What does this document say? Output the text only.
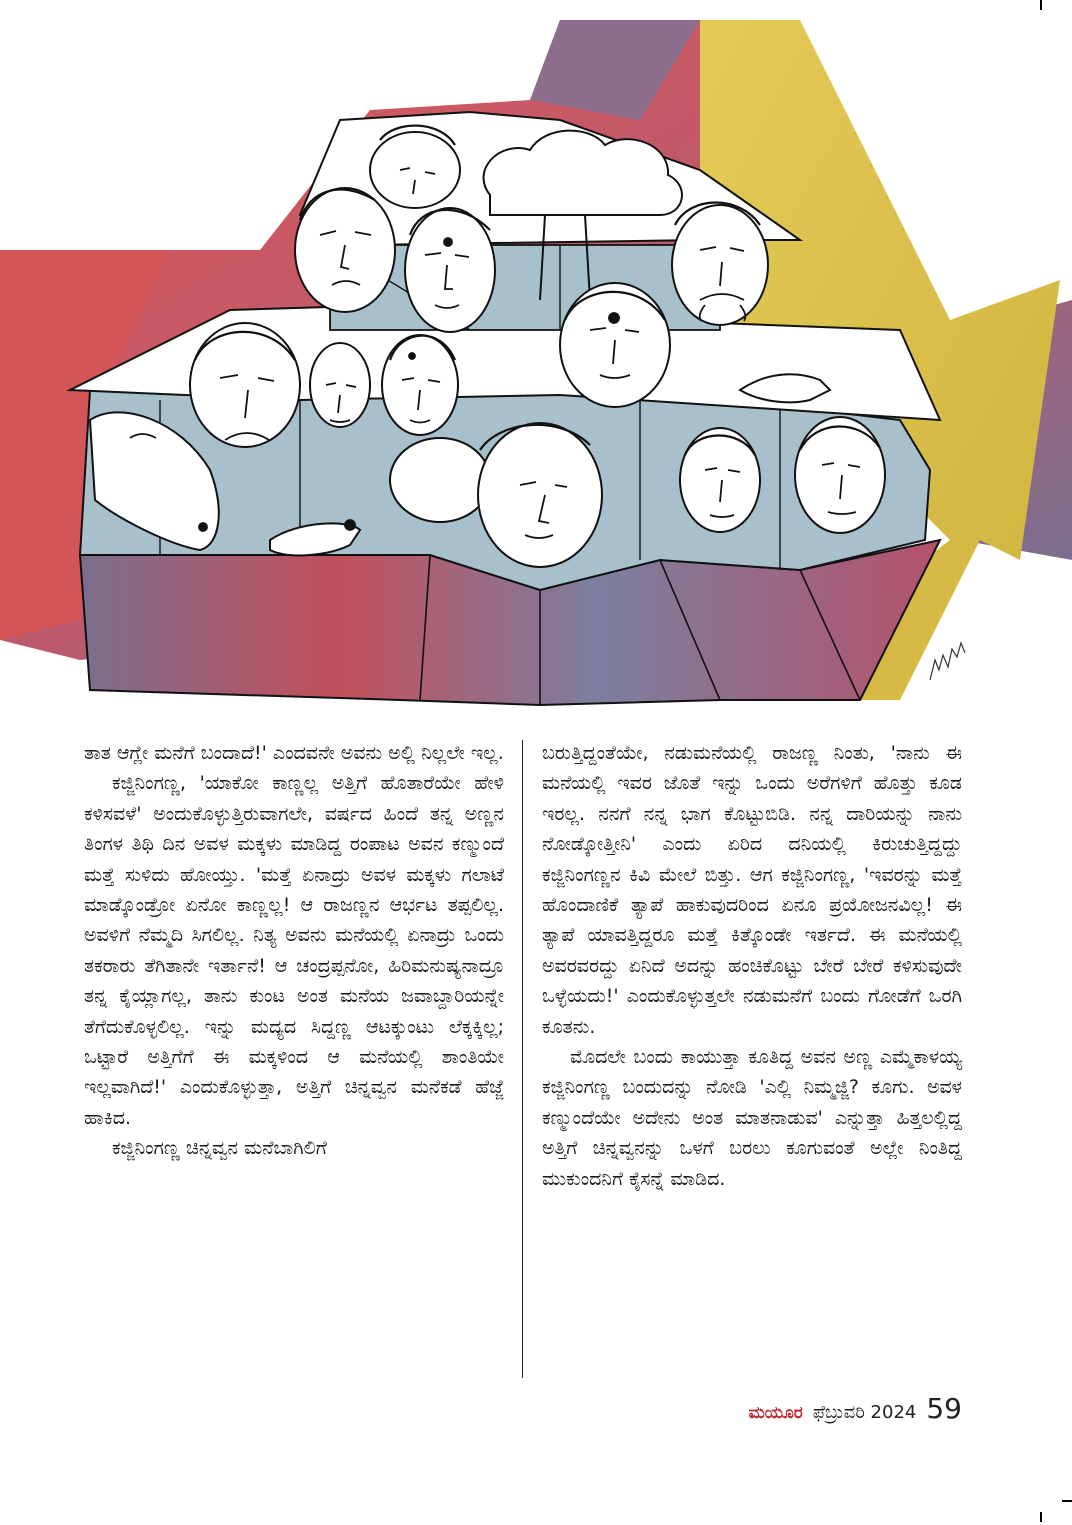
ತಾತ ಆಗ್ಲೇ ಮನೆಗೆ ಬಂದಾದೆ!' ಎಂದವನೇ ಅವನು ಅಲ್ಲಿ ನಿಲ್ಲಲೇ ಇಲ್ಲ.

ಕಜ್ಜಿನಿಂಗಣ್ಣ, 'ಯಾಕೋ ಕಾಣ್ಣಲ್ಲ ಅತ್ತಿಗೆ ಹೊತಾರೆಯೇ ಹೇಳಿ ಕಳಿಸವಳೆ' ಅಂದುಕೊಳ್ಳುತ್ತಿರುವಾಗಲೇ, ವರ್ಷದ ಹಿಂದೆ ತನ್ನ ಅಣ್ಣನ ತಿಂಗಳ ತಿಥಿ ದಿನ ಅವಳ ಮಕ್ಕಳು ಮಾಡಿದ್ದ ರಂಪಾಟ ಅವನ ಕಣ್ಮುಂದೆ ಮತ್ತೆ ಸುಳಿದು ಹೋಯ್ತು. 'ಮತ್ತೆ ಏನಾದ್ರು ಅವಳ ಮಕ್ಕಳು ಗಲಾಟೆ ಮಾಡ್ಕೊಂಡ್ರೋ ಏನೋ ಕಾಣ್ಣಲ್ಲ! ಆ ರಾಜಣ್ಣನ ಆರ್ಭಟ ತಪ್ಪಲಿಲ್ಲ. ಅವಳಿಗೆ ನೆಮ್ಮದಿ ಸಿಗಲಿಲ್ಲ. ನಿತ್ಯ ಅವನು ಮನೆಯಲ್ಲಿ ಏನಾದ್ರು ಒಂದು ತಕರಾರು ತೆಗಿತಾನೇ ಇರ್ತಾನೆ! ಆ ಚಂದ್ರಪ್ಪನೋ, ಹಿರಿಮನುಷ್ಯನಾದ್ರೂ ತನ್ನ ಕೈಯ್ಲಾಗಲ್ಲ, ತಾನು ಕುಂಟ ಅಂತ ಮನೆಯ ಜವಾಬ್ದಾರಿಯನ್ನೇ ತೆಗೆದುಕೊಳ್ಳಲಿಲ್ಲ. ಇನ್ನು ಮದ್ಯದ ಸಿದ್ದಣ್ಣ ಆಟಕ್ಕುಂಟು ಲೆಕ್ಕಕ್ಕಿಲ್ಲ; ಒಟ್ಟಾರೆ ಅತ್ತಿಗೆಗೆ ಈ ಮಕ್ಕಳಿಂದ ಆ ಮನೆಯಲ್ಲಿ ಶಾಂತಿಯೇ ಇಲ್ಲವಾಗಿದೆ!' ಎಂದುಕೊಳ್ಳುತ್ತಾ, ಅತ್ತಿಗೆ ಚಿನ್ನವ್ವನ ಮನೆಕಡೆ ಹೆಜ್ಜೆ ಹಾಕಿದ.

ಕಜ್ಜಿನಿಂಗಣ್ಣ ಚಿನ್ನವ್ವನ ಮನೆಬಾಗಿಲಿಗೆ

ಬರುತ್ತಿದ್ದಂತೆಯೇ, ನಡುಮನೆಯಲ್ಲಿ ರಾಜಣ್ಣ ನಿಂತು, 'ನಾನು ಈ ಮನೆಯಲ್ಲಿ ಇವರ ಜೊತೆ ಇನ್ನು ಒಂದು ಅರೆಗಳಿಗೆ ಹೊತ್ತು ಕೂಡ ಇರಲ್ಲ. ನನಗೆ ನನ್ನ ಭಾಗ ಕೊಟ್ಟುಬಿಡಿ. ನನ್ನ ದಾರಿಯನ್ನು ನಾನು ನೋಡ್ಕೋತ್ತೀನಿ' ಎಂದು ಏರಿದ ದನಿಯಲ್ಲಿ ಕಿರುಚುತ್ತಿದ್ದದ್ದು ಕಜ್ಜಿನಿಂಗಣ್ಣನ ಕಿವಿ ಮೇಲೆ ಬಿತ್ತು. ಆಗ ಕಜ್ಜಿನಿಂಗಣ್ಣ, 'ಇವರನ್ನು ಮತ್ತೆ ಹೊಂದಾಣಿಕೆ ತ್ಯಾಪೆ ಹಾಕುವುದರಿಂದ ಏನೂ ಪ್ರಯೋಜನವಿಲ್ಲ! ಈ ತ್ಯಾಪೆ ಯಾವತ್ತಿದ್ದರೂ ಮತ್ತೆ ಕಿತ್ಕೊಂಡೇ ಇರ್ತದೆ. ಈ ಮನೆಯಲ್ಲಿ ಅವರವರದ್ದು ಏನಿದೆ ಅದನ್ನು ಹಂಚಿಕೊಟ್ಟು ಬೇರೆ ಬೇರೆ ಕಳಿಸುವುದೇ ಒಳ್ಳೆಯದು!' ಎಂದುಕೊಳ್ಳುತ್ತಲೇ ನಡುಮನೆಗೆ ಬಂದು ಗೋಡೆಗೆ ಒರಗಿ ಕೂತನು.

ಮೊದಲೇ ಬಂದು ಕಾಯುತ್ತಾ ಕೂತಿದ್ದ ಅವನ ಅಣ್ಣ ಎಮ್ಮೆಕಾಳಯ್ಯ ಕಜ್ಜಿನಿಂಗಣ್ಣ ಬಂದುದನ್ನು ನೋಡಿ 'ಎಲ್ಲಿ ನಿಮ್ಮಜ್ಜಿ? ಕೂಗು. ಅವಳ ಕಣ್ಮುಂದೆಯೇ ಅದೇನು ಅಂತ ಮಾತನಾಡುವ' ಎನ್ನುತ್ತಾ ಹಿತ್ತಲಲ್ಲಿದ್ದ ಅತ್ತಿಗೆ ಚಿನ್ನವ್ವನನ್ನು ಒಳಗೆ ಬರಲು ಕೂಗುವಂತೆ ಅಲ್ಲೇ ನಿಂತಿದ್ದ ಮುಕುಂದನಿಗೆ ಕೈಸನ್ನೆ ಮಾಡಿದ.

ಮಯೂರ ಫೆಬ್ರುವರಿ 2024 59
